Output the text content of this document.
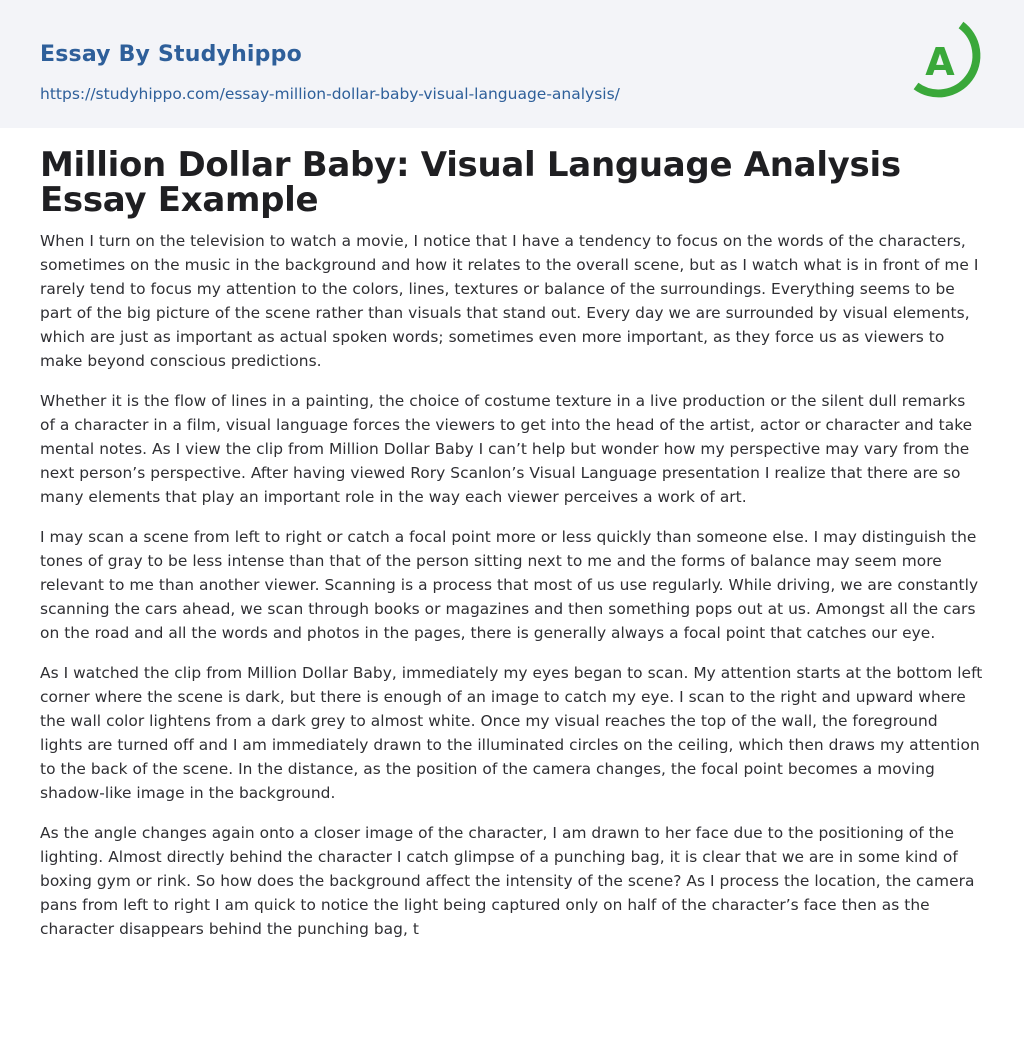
Essay By Studyhippo
https://studyhippo.com/essay-million-dollar-baby-visual-language-analysis/
A
Million Dollar Baby: Visual Language Analysis Essay Example

When I turn on the television to watch a movie, I notice that I have a tendency to focus on the words of the characters, sometimes on the music in the background and how it relates to the overall scene, but as I watch what is in front of me I rarely tend to focus my attention to the colors, lines, textures or balance of the surroundings. Everything seems to be part of the big picture of the scene rather than visuals that stand out. Every day we are surrounded by visual elements, which are just as important as actual spoken words; sometimes even more important, as they force us as viewers to make beyond conscious predictions.

Whether it is the flow of lines in a painting, the choice of costume texture in a live production or the silent dull remarks of a character in a film, visual language forces the viewers to get into the head of the artist, actor or character and take mental notes. As I view the clip from Million Dollar Baby I can’t help but wonder how my perspective may vary from the next person’s perspective. After having viewed Rory Scanlon’s Visual Language presentation I realize that there are so many elements that play an important role in the way each viewer perceives a work of art.

I may scan a scene from left to right or catch a focal point more or less quickly than someone else. I may distinguish the tones of gray to be less intense than that of the person sitting next to me and the forms of balance may seem more relevant to me than another viewer. Scanning is a process that most of us use regularly. While driving, we are constantly scanning the cars ahead, we scan through books or magazines and then something pops out at us. Amongst all the cars on the road and all the words and photos in the pages, there is generally always a focal point that catches our eye.

As I watched the clip from Million Dollar Baby, immediately my eyes began to scan. My attention starts at the bottom left corner where the scene is dark, but there is enough of an image to catch my eye. I scan to the right and upward where the wall color lightens from a dark grey to almost white. Once my visual reaches the top of the wall, the foreground lights are turned off and I am immediately drawn to the illuminated circles on the ceiling, which then draws my attention to the back of the scene. In the distance, as the position of the camera changes, the focal point becomes a moving shadow-like image in the background.

As the angle changes again onto a closer image of the character, I am drawn to her face due to the positioning of the lighting. Almost directly behind the character I catch glimpse of a punching bag, it is clear that we are in some kind of boxing gym or rink. So how does the background affect the intensity of the scene? As I process the location, the camera pans from left to right I am quick to notice the light being captured only on half of the character’s face then as the character disappears behind the punching bag, t
